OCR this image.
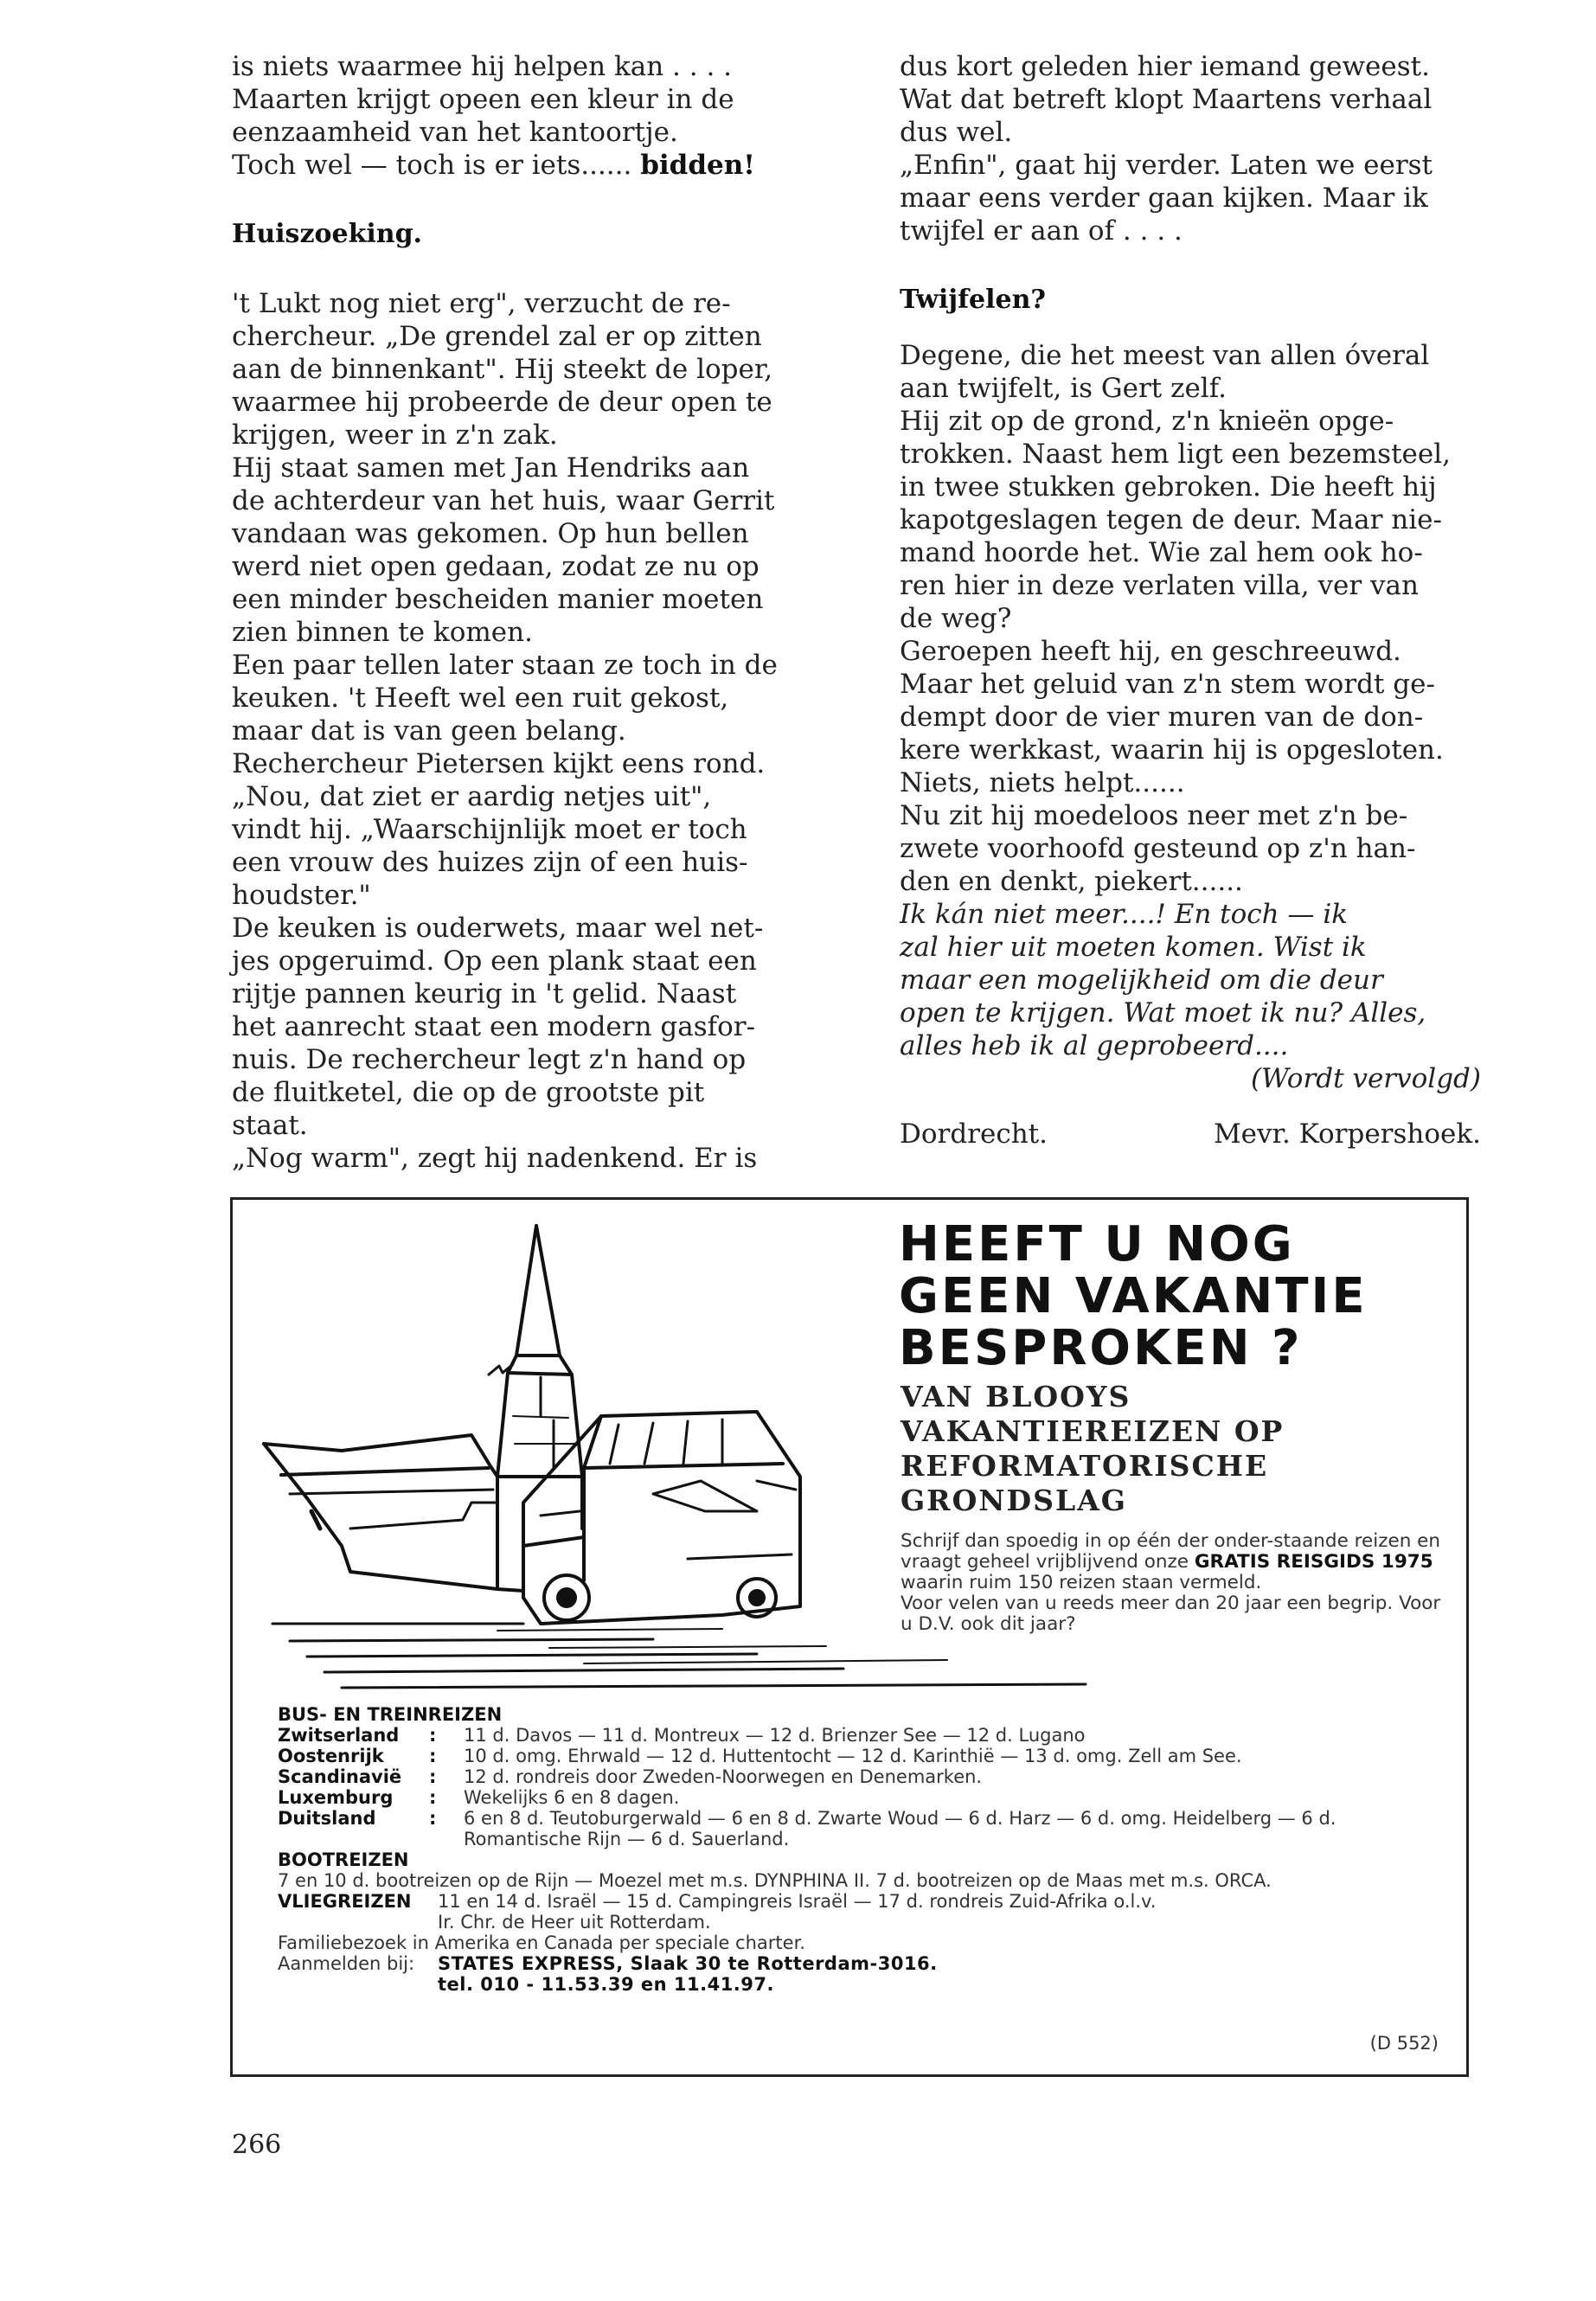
is niets waarmee hij helpen kan . . . .
Maarten krijgt opeen een kleur in de
eenzaamheid van het kantoortje.
Toch wel — toch is er iets...... bidden!

Huiszoeking.

't Lukt nog niet erg", verzucht de re-
chercheur. „De grendel zal er op zitten
aan de binnenkant". Hij steekt de loper,
waarmee hij probeerde de deur open te
krijgen, weer in z'n zak.

Hij staat samen met Jan Hendriks aan
de achterdeur van het huis, waar Gerrit
vandaan was gekomen. Op hun bellen
werd niet open gedaan, zodat ze nu op
een minder bescheiden manier moeten
zien binnen te komen.

Een paar tellen later staan ze toch in de
keuken. 't Heeft wel een ruit gekost,
maar dat is van geen belang.

Rechercheur Pietersen kijkt eens rond.
„Nou, dat ziet er aardig netjes uit",
vindt hij. „Waarschijnlijk moet er toch
een vrouw des huizes zijn of een huis-
houdster."

De keuken is ouderwets, maar wel net-
jes opgeruimd. Op een plank staat een
rijtje pannen keurig in 't gelid. Naast
het aanrecht staat een modern gasfor-
nuis. De rechercheur legt z'n hand op
de fluitketel, die op de grootste pit
staat.

„Nog warm", zegt hij nadenkend. Er is

dus kort geleden hier iemand geweest.
Wat dat betreft klopt Maartens verhaal
dus wel.

„Enfin", gaat hij verder. Laten we eerst
maar eens verder gaan kijken. Maar ik
twijfel er aan of . . . .

Twijfelen?

Degene, die het meest van allen óveral
aan twijfelt, is Gert zelf.

Hij zit op de grond, z'n knieën opge-
trokken. Naast hem ligt een bezemsteel,
in twee stukken gebroken. Die heeft hij
kapotgeslagen tegen de deur. Maar nie-
mand hoorde het. Wie zal hem ook ho-
ren hier in deze verlaten villa, ver van
de weg?

Geroepen heeft hij, en geschreeuwd.
Maar het geluid van z'n stem wordt ge-
dempt door de vier muren van de don-
kere werkkast, waarin hij is opgesloten.

Niets, niets helpt......

Nu zit hij moedeloos neer met z'n be-
zwete voorhoofd gesteund op z'n han-
den en denkt, piekert......

Ik kán niet meer....! En toch — ik
zal hier uit moeten komen. Wist ik
maar een mogelijkheid om die deur
open te krijgen. Wat moet ik nu? Alles,
alles heb ik al geprobeerd....

(Wordt vervolgd)

Dordrecht.	Mevr. Korpershoek.
HEEFT U NOG
GEEN VAKANTIE
BESPROKEN ?
VAN BLOOYS
VAKANTIEREIZEN OP
REFORMATORISCHE
GRONDSLAG

Schrijf dan spoedig in op één der onder-staande reizen en vraagt geheel vrijblijvend onze GRATIS REISGIDS 1975 waarin ruim 150 reizen staan vermeld.
Voor velen van u reeds meer dan 20 jaar een begrip. Voor u D.V. ook dit jaar?

BUS- EN TREINREIZEN
Zwitserland	:	11 d. Davos — 11 d. Montreux — 12 d. Brienzer See — 12 d. Lugano
Oostenrijk	:	10 d. omg. Ehrwald — 12 d. Huttentocht — 12 d. Karinthië — 13 d. omg. Zell am See.
Scandinavië	:	12 d. rondreis door Zweden-Noorwegen en Denemarken.
Luxemburg	:	Wekelijks 6 en 8 dagen.
Duitsland	:	6 en 8 d. Teutoburgerwald — 6 en 8 d. Zwarte Woud — 6 d. Harz — 6 d. omg. Heidelberg — 6 d. Romantische Rijn — 6 d. Sauerland.
BOOTREIZEN

7 en 10 d. bootreizen op de Rijn — Moezel met m.s. DYNPHINA II. 7 d. bootreizen op de Maas met m.s. ORCA.

VLIEGREIZEN	11 en 14 d. Israël — 15 d. Campingreis Israël — 17 d. rondreis Zuid-Afrika o.l.v.
Ir. Chr. de Heer uit Rotterdam.
Familiebezoek in Amerika en Canada per speciale charter.
Aanmelden bij:	STATES EXPRESS, Slaak 30 te Rotterdam-3016.
tel. 010 - 11.53.39 en 11.41.97.
(D 552)
266
